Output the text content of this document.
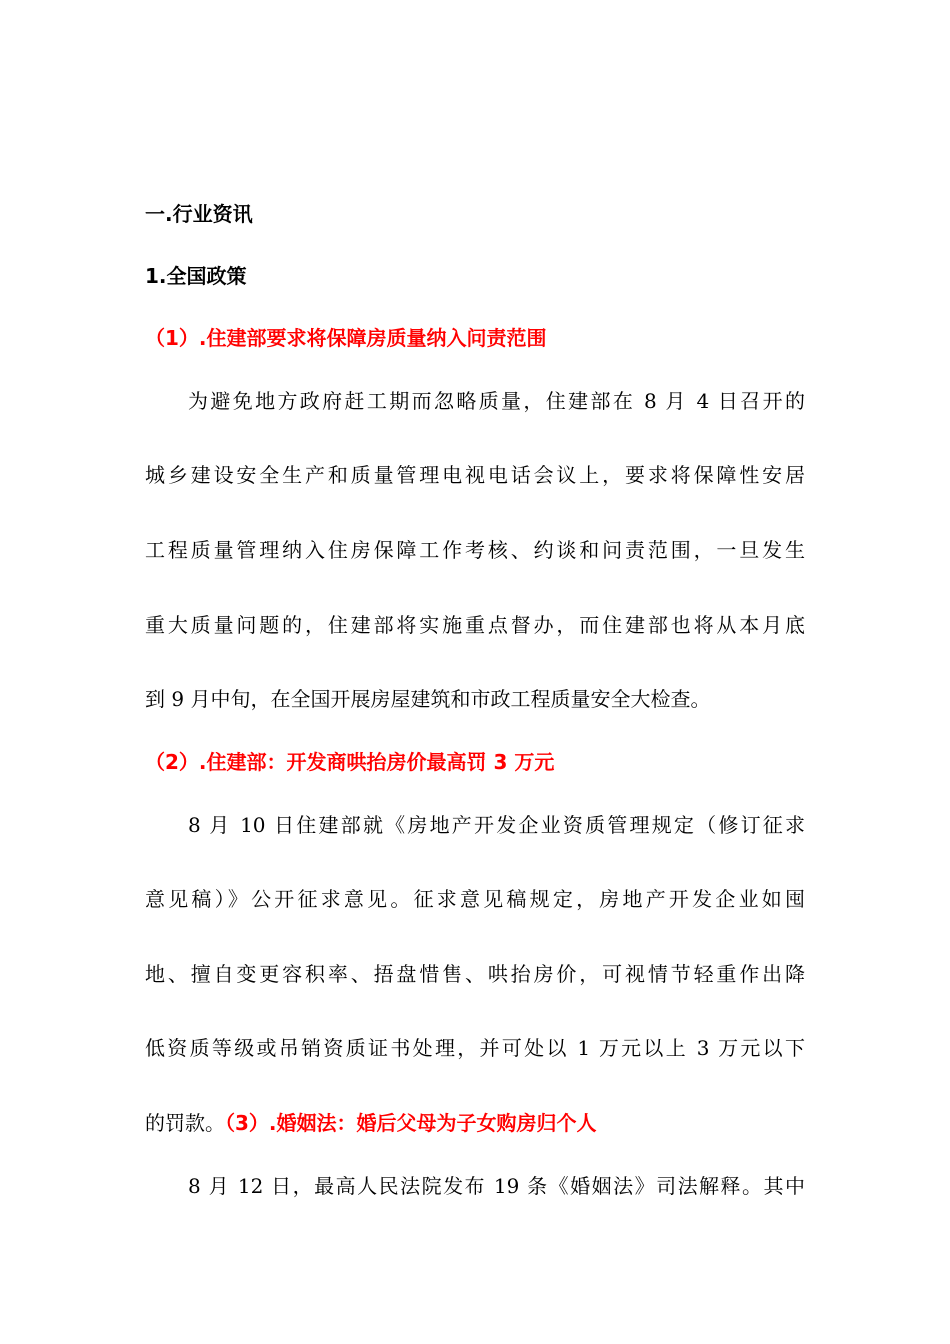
一.行业资讯
1.全国政策
（1）.住建部要求将保障房质量纳入问责范围
为避免地方政府赶工期而忽略质量，住建部在 8 月 4 日召开的
城乡建设安全生产和质量管理电视电话会议上，要求将保障性安居
工程质量管理纳入住房保障工作考核、约谈和问责范围，一旦发生
重大质量问题的，住建部将实施重点督办，而住建部也将从本月底
到 9 月中旬，在全国开展房屋建筑和市政工程质量安全大检查。
（2）.住建部：开发商哄抬房价最高罚 3 万元
8 月 10 日住建部就《房地产开发企业资质管理规定（修订征求
意见稿）》公开征求意见。征求意见稿规定，房地产开发企业如囤
地、擅自变更容积率、捂盘惜售、哄抬房价，可视情节轻重作出降
低资质等级或吊销资质证书处理，并可处以 1 万元以上 3 万元以下
的罚款。（3）.婚姻法：婚后父母为子女购房归个人
8 月 12 日，最高人民法院发布 19 条《婚姻法》司法解释。其中
